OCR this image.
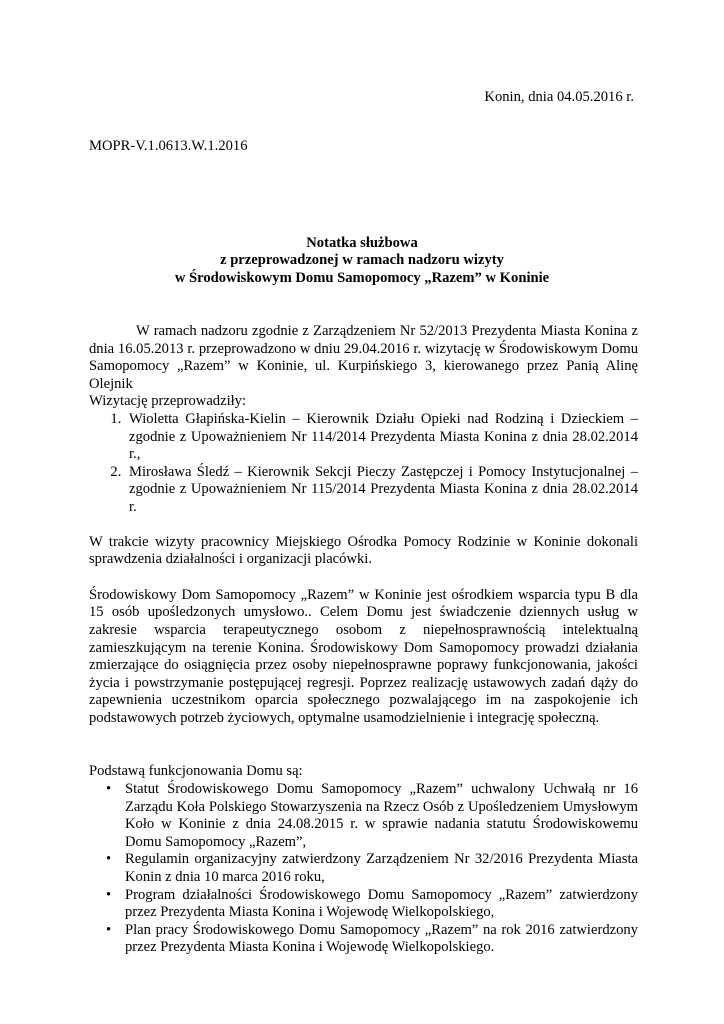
Konin, dnia 04.05.2016 r.
MOPR-V.1.0613.W.1.2016
Notatka służbowa
z przeprowadzonej w ramach nadzoru wizyty
w Środowiskowym Domu Samopomocy „Razem” w Koninie

W ramach nadzoru zgodnie z Zarządzeniem Nr 52/2013 Prezydenta Miasta Konina z dnia 16.05.2013 r. przeprowadzono w dniu 29.04.2016 r. wizytację w Środowiskowym Domu Samopomocy „Razem” w Koninie, ul. Kurpińskiego 3, kierowanego przez Panią Alinę Olejnik

Wizytację przeprowadziły:

1. Wioletta Głapińska-Kielin – Kierownik Działu Opieki nad Rodziną i Dzieckiem – zgodnie z Upoważnieniem Nr 114/2014 Prezydenta Miasta Konina z dnia 28.02.2014 r.,
2. Mirosława Śledź – Kierownik Sekcji Pieczy Zastępczej i Pomocy Instytucjonalnej – zgodnie z Upoważnieniem Nr 115/2014 Prezydenta Miasta Konina z dnia 28.02.2014 r.

W trakcie wizyty pracownicy Miejskiego Ośrodka Pomocy Rodzinie w Koninie dokonali sprawdzenia działalności i organizacji placówki.

Środowiskowy Dom Samopomocy „Razem” w Koninie jest ośrodkiem wsparcia typu B dla 15 osób upośledzonych umysłowo.. Celem Domu jest świadczenie dziennych usług w zakresie wsparcia terapeutycznego osobom z niepełnosprawnością intelektualną zamieszkującym na terenie Konina. Środowiskowy Dom Samopomocy prowadzi działania zmierzające do osiągnięcia przez osoby niepełnosprawne poprawy funkcjonowania, jakości życia i powstrzymanie postępującej regresji. Poprzez realizację ustawowych zadań dąży do zapewnienia uczestnikom oparcia społecznego pozwalającego im na zaspokojenie ich podstawowych potrzeb życiowych, optymalne usamodzielnienie i integrację społeczną.

Podstawą funkcjonowania Domu są:

• Statut Środowiskowego Domu Samopomocy „Razem” uchwalony Uchwałą nr 16 Zarządu Koła Polskiego Stowarzyszenia na Rzecz Osób z Upośledzeniem Umysłowym Koło w Koninie z dnia 24.08.2015 r. w sprawie nadania statutu Środowiskowemu Domu Samopomocy „Razem”,
• Regulamin organizacyjny zatwierdzony Zarządzeniem Nr 32/2016 Prezydenta Miasta Konin z dnia 10 marca 2016 roku,
• Program działalności Środowiskowego Domu Samopomocy „Razem” zatwierdzony przez Prezydenta Miasta Konina i Wojewodę Wielkopolskiego,
• Plan pracy Środowiskowego Domu Samopomocy „Razem” na rok 2016 zatwierdzony przez Prezydenta Miasta Konina i Wojewodę Wielkopolskiego.
